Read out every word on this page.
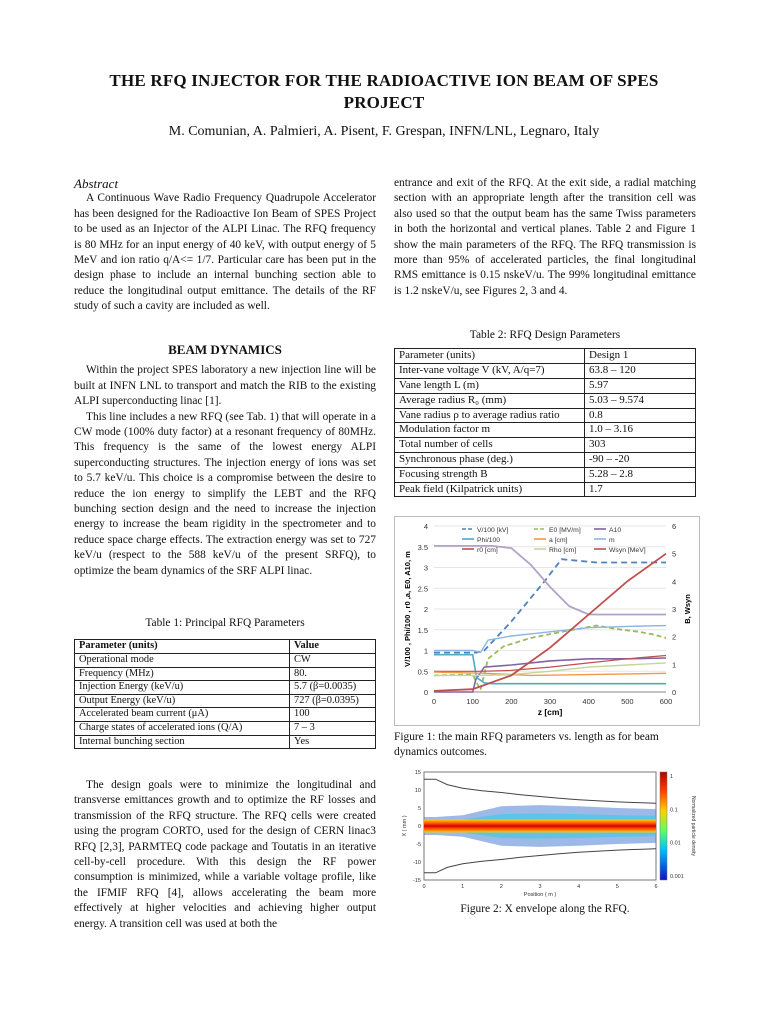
THE RFQ INJECTOR FOR THE RADIOACTIVE ION BEAM OF SPES
PROJECT
M. Comunian, A. Palmieri, A. Pisent, F. Grespan, INFN/LNL, Legnaro, Italy
Abstract

A Continuous Wave Radio Frequency Quadrupole Accelerator has been designed for the Radioactive Ion Beam of SPES Project to be used as an Injector of the ALPI Linac. The RFQ frequency is 80 MHz for an input energy of 40 keV, with output energy of 5 MeV and ion ratio q/A<= 1/7. Particular care has been put in the design phase to include an internal bunching section able to reduce the longitudinal output emittance. The details of the RF study of such a cavity are included as well.

BEAM DYNAMICS

Within the project SPES laboratory a new injection line will be built at INFN LNL to transport and match the RIB to the existing ALPI superconducting linac [1].

This line includes a new RFQ (see Tab. 1) that will operate in a CW mode (100% duty factor) at a resonant frequency of 80MHz. This frequency is the same of the lowest energy ALPI superconducting structures. The injection energy of ions was set to 5.7 keV/u. This choice is a compromise between the desire to reduce the ion energy to simplify the LEBT and the RFQ bunching section design and the need to increase the injection energy to increase the beam rigidity in the spectrometer and to reduce space charge effects. The extraction energy was set to 727 keV/u (respect to the 588 keV/u of the present SRFQ), to optimize the beam dynamics of the SRF ALPI linac.

Table 1: Principal RFQ Parameters
Parameter (units)	Value
Operational mode	CW
Frequency (MHz)	80.
Injection Energy (keV/u)	5.7 (β=0.0035)
Output Energy (keV/u)	727 (β=0.0395)
Accelerated beam current (μA)	100
Charge states of accelerated ions (Q/A)	7 – 3
Internal bunching section	Yes

The design goals were to minimize the longitudinal and transverse emittances growth and to optimize the RF losses and transmission of the RFQ structure. The RFQ cells were created using the program CORTO, used for the design of CERN linac3 RFQ [2,3], PARMTEQ code package and Toutatis in an iterative cell-by-cell procedure. With this design the RF power consumption is minimized, while a variable voltage profile, like the IFMIF RFQ [4], allows accelerating the beam more effectively at higher velocities and achieving higher output energy. A transition cell was used at both the

entrance and exit of the RFQ. At the exit side, a radial matching section with an appropriate length after the transition cell was also used so that the output beam has the same Twiss parameters in both the horizontal and vertical planes. Table 2 and Figure 1 show the main parameters of the RFQ. The RFQ transmission is more than 95% of accelerated particles, the final longitudinal RMS emittance is 0.15 nskeV/u. The 99% longitudinal emittance is 1.2 nskeV/u, see Figures 2, 3 and 4.

Table 2: RFQ Design Parameters
Parameter (units)	Design 1
Inter-vane voltage V (kV, A/q=7)	63.8 – 120
Vane length L (m)	5.97
Average radius R₀ (mm)	5.03 – 9.574
Vane radius ρ to average radius ratio	0.8
Modulation factor m	1.0 – 3.16
Total number of cells	303
Synchronous phase (deg.)	-90 – -20
Focusing strength B	5.28 – 2.8
Peak field (Kilpatrick units)	1.7
0
0.5
1
1.5
2
2.5
3
3.5
4
0
1
2
3
4
5
6
0	100	200	300	400	500	600
z [cm]
V/100 , Phi/100 , r0 ,a, E0, A10, m	B, Wsyn
V/100 [kV]	E0 [MV/m]	A10
Phi/100	m
r0 [cm]	Rho [cm]
a [cm]
Wsyn [MeV]
Figure 1: the main RFQ parameters vs. length as for beam dynamics outcomes.
15
10
5
0
-5
-10
-15
0	1	2	3	4	5	6
Position ( m )
X ( mm )
1
0.1
0.01
0.001
Normalized particle density
Figure 2: X envelope along the RFQ.
